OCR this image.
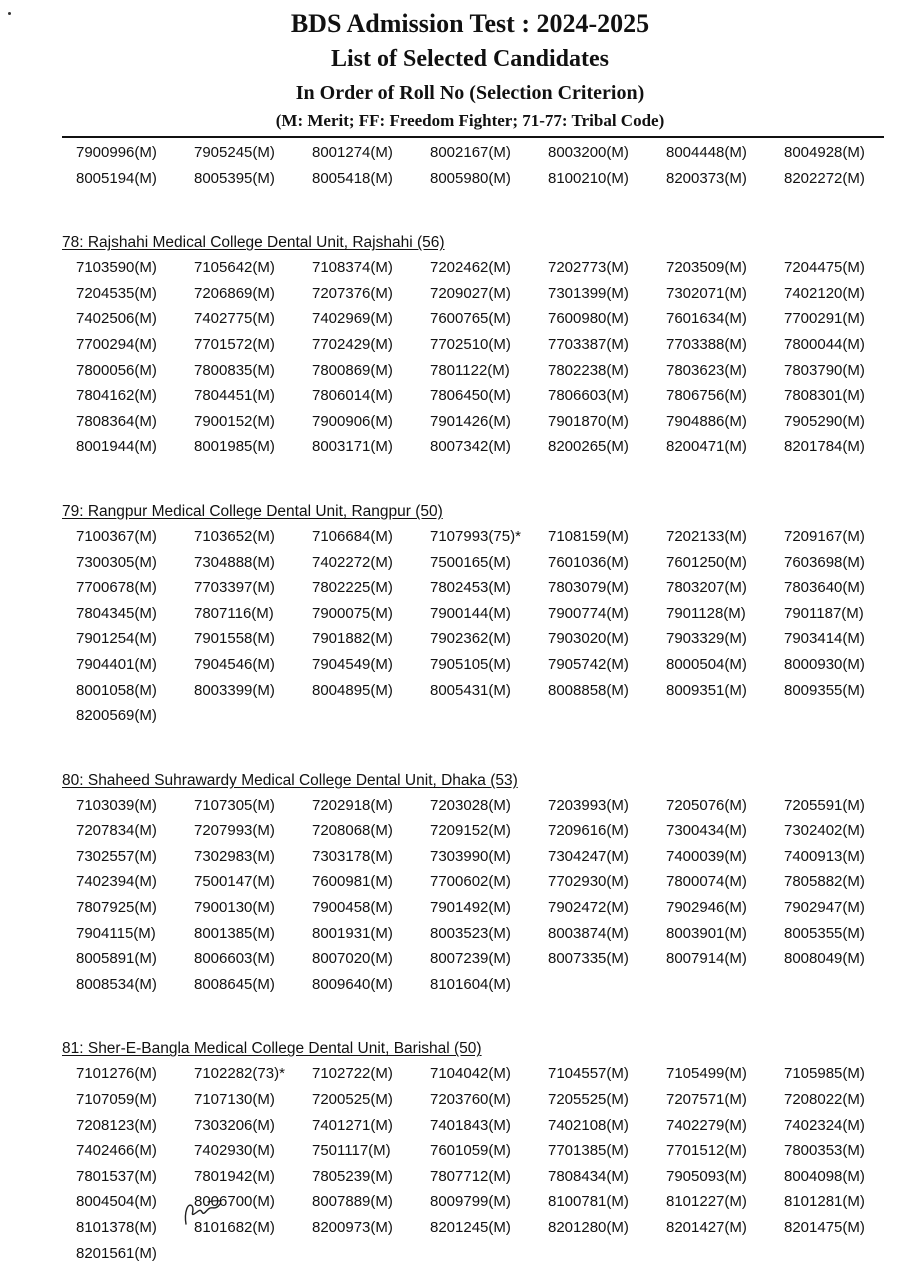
BDS Admission Test : 2024-2025
List of Selected Candidates
In Order of Roll No (Selection Criterion)
(M: Merit; FF: Freedom Fighter; 71-77: Tribal Code)
7900996(M)	7905245(M)	8001274(M)	8002167(M)	8003200(M)	8004448(M)	8004928(M)
8005194(M)	8005395(M)	8005418(M)	8005980(M)	8100210(M)	8200373(M)	8202272(M)
78: Rajshahi Medical College Dental Unit, Rajshahi (56)
7103590(M)	7105642(M)	7108374(M)	7202462(M)	7202773(M)	7203509(M)	7204475(M)
7204535(M)	7206869(M)	7207376(M)	7209027(M)	7301399(M)	7302071(M)	7402120(M)
7402506(M)	7402775(M)	7402969(M)	7600765(M)	7600980(M)	7601634(M)	7700291(M)
7700294(M)	7701572(M)	7702429(M)	7702510(M)	7703387(M)	7703388(M)	7800044(M)
7800056(M)	7800835(M)	7800869(M)	7801122(M)	7802238(M)	7803623(M)	7803790(M)
7804162(M)	7804451(M)	7806014(M)	7806450(M)	7806603(M)	7806756(M)	7808301(M)
7808364(M)	7900152(M)	7900906(M)	7901426(M)	7901870(M)	7904886(M)	7905290(M)
8001944(M)	8001985(M)	8003171(M)	8007342(M)	8200265(M)	8200471(M)	8201784(M)
79: Rangpur Medical College Dental Unit, Rangpur (50)
7100367(M)	7103652(M)	7106684(M)	7107993(75)*	7108159(M)	7202133(M)	7209167(M)
7300305(M)	7304888(M)	7402272(M)	7500165(M)	7601036(M)	7601250(M)	7603698(M)
7700678(M)	7703397(M)	7802225(M)	7802453(M)	7803079(M)	7803207(M)	7803640(M)
7804345(M)	7807116(M)	7900075(M)	7900144(M)	7900774(M)	7901128(M)	7901187(M)
7901254(M)	7901558(M)	7901882(M)	7902362(M)	7903020(M)	7903329(M)	7903414(M)
7904401(M)	7904546(M)	7904549(M)	7905105(M)	7905742(M)	8000504(M)	8000930(M)
8001058(M)	8003399(M)	8004895(M)	8005431(M)	8008858(M)	8009351(M)	8009355(M)
8200569(M)
80: Shaheed Suhrawardy Medical College Dental Unit, Dhaka (53)
7103039(M)	7107305(M)	7202918(M)	7203028(M)	7203993(M)	7205076(M)	7205591(M)
7207834(M)	7207993(M)	7208068(M)	7209152(M)	7209616(M)	7300434(M)	7302402(M)
7302557(M)	7302983(M)	7303178(M)	7303990(M)	7304247(M)	7400039(M)	7400913(M)
7402394(M)	7500147(M)	7600981(M)	7700602(M)	7702930(M)	7800074(M)	7805882(M)
7807925(M)	7900130(M)	7900458(M)	7901492(M)	7902472(M)	7902946(M)	7902947(M)
7904115(M)	8001385(M)	8001931(M)	8003523(M)	8003874(M)	8003901(M)	8005355(M)
8005891(M)	8006603(M)	8007020(M)	8007239(M)	8007335(M)	8007914(M)	8008049(M)
8008534(M)	8008645(M)	8009640(M)	8101604(M)
81: Sher-E-Bangla Medical College Dental Unit, Barishal (50)
7101276(M)	7102282(73)*	7102722(M)	7104042(M)	7104557(M)	7105499(M)	7105985(M)
7107059(M)	7107130(M)	7200525(M)	7203760(M)	7205525(M)	7207571(M)	7208022(M)
7208123(M)	7303206(M)	7401271(M)	7401843(M)	7402108(M)	7402279(M)	7402324(M)
7402466(M)	7402930(M)	7501117(M)	7601059(M)	7701385(M)	7701512(M)	7800353(M)
7801537(M)	7801942(M)	7805239(M)	7807712(M)	7808434(M)	7905093(M)	8004098(M)
8004504(M)	8006700(M)	8007889(M)	8009799(M)	8100781(M)	8101227(M)	8101281(M)
8101378(M)	8101682(M)	8200973(M)	8201245(M)	8201280(M)	8201427(M)	8201475(M)
8201561(M)
